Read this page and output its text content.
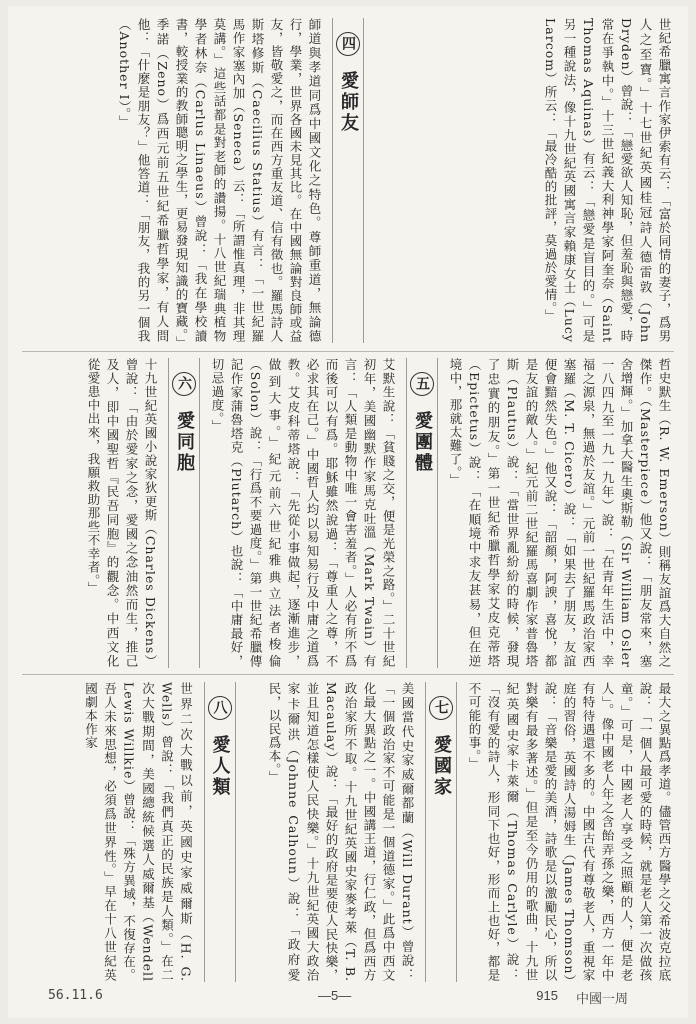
世紀希臘寓言作家伊索有云：「富於同情的妻子，爲男人之至寶。」十七世紀英國桂冠詩人德雷敦（John Dryden）曾說：「戀愛欲人知恥，但羞恥與戀愛，時常在爭執中。」十三世紀義大利神學家阿奎奈（Saint Thomas Aquinas）有云：「戀愛是盲目的。」可是另一種說法，像十九世紀英國寓言家賴康女士（Lucy Larcom）所云：「最冷酷的批評，莫過於愛情。」
四 愛師友
師道與孝道同爲中國文化之特色。尊師重道，無論德行，學業，世界各國未見其比。在中國無論對良師或益友，皆敬愛之，而在西方重友道、信有徵也。羅馬詩人斯塔修斯（Caecilius Statius）有言：「一世紀羅馬作家塞內加（Seneca）云：「所謂惟真理，非其理莫講。」這些話都是對老師的讚揚。十八世紀瑞典植物學者林奈（Carlus Linaeus）曾說：「我在學校讀書，較授業的教師聰明之學生，更易發現知識的寶藏。」季諾（Zeno）爲西元前五世紀希臘哲學家，有人問他：「什麼是朋友？」他答道：「朋友，我的另一個我（Another I）。」
哲史默生（R. W. Emerson）則稱友誼爲大自然之傑作。（Masterpiece）他又說：「朋友常來，塞舍增輝。」加拿大醫生奧斯勒（Sir William Osler 一八四九至一九一九年）說：「在青年生活中，幸福之源泉，無過於友誼。」元前一世紀羅馬政治家西塞羅（M. T. Cicero）說：「如果去了朋友，友誼便會黯然失色。」他又說：「韶顏，阿諛，喜悅，都是友誼的敵人。」紀元前二世紀羅馬喜劇作家普魯塔斯（Plautus）說：「當世界亂紛紛的時候，發現了忠實的朋友。」第一世紀希臘哲學家艾皮克蒂塔（Epictetus）說：「在順境中求友甚易，但在逆境中，那就太難了。」
五 愛團體
艾默生說：「貧賤之交，便是光榮之路。」二十世紀初年，美國幽默作家馬克吐溫（Mark Twain）有言：「人類是動物中唯一會害羞者。」人必有所不爲而後可以有爲。耶穌雖然說過：「尊重人之尊，不必求其在己。」中國哲人均以易知易行及中庸之道爲教。艾皮科蒂塔說：「先從小事做起，逐漸進步，做到大事。」紀元前六世紀雅典立法者梭倫（Solon）說：「行爲不要過度。」第一世紀希臘傳記作家蒲魯塔克（Plutarch）也說：「中庸最好，切忌過度。」
六 愛同胞
十九世紀英國小說家狄更斯（Charles Dickens）曾說：「由於愛家之念，愛國之念油然而生，推己及人，即中國聖哲『民吾同胞』的觀念。中西文化從愛患中出來，我願救助那些不幸者。」
最大之異點爲孝道。儘管西方醫學之父希波克拉底說：「一個人最可愛的時候，就是老人第一次做孩童。」可是，中國老人享受之照顧的人，便是老人」。像中國老人年之含飴弄孫之樂，西方一年中有特待遇還不多的。中國古代有尊敬老人，重視家庭的習俗，英國詩人湯姆生（James Thomson）說：「音樂是愛的美酒，詩歌是以激勵民心，所以對樂有最多著述。」但是至今仍用的歌曲，十九世紀英國史家卡萊爾（Thomas Carlyle）說：「沒有愛的詩人，形同下也好，形而上也好，都是不可能的事。」
七 愛國家
美國當代史家威爾都蘭（Will Durant）曾說：「一個政治家不可能是一個道德家。」此爲中西文化最大異點之一。中國講王道，行仁政，但爲西方政治家所不取。十九世紀英國史家麥考萊（T. B. Macaulay）說：「最好的政府是要使人民快樂，並且知道怎樣使人民快樂。」十九世紀英國大政治家卡爾洪（Johnne Calhoun）說：「政府愛民，以民爲本。」
八 愛人類
世界二次大戰以前，英國史家威爾斯（H. G. Wells）曾說：「我們真正的民族是人類。」在二次大戰期間，美國總統候選人威爾基（Wendell Lewis Willkie）曾說：「殊方異域，不復存在。吾人未來思想，必須爲世界性。」早在十八世紀英國劇本作家
56.11.6	—5—	915 中國一周
